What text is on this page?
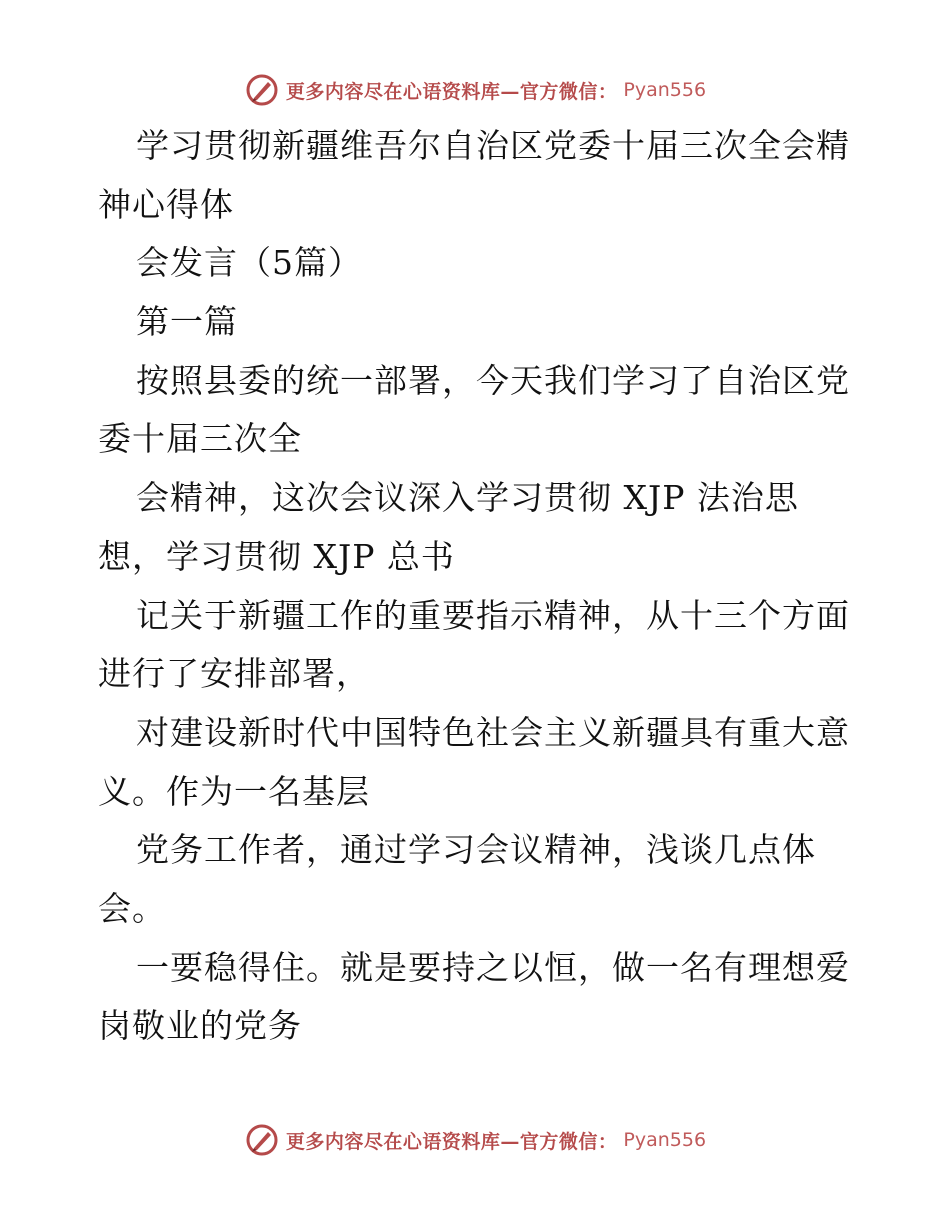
更多内容尽在心语资料库—官方微信： Pyan556
学习贯彻新疆维吾尔自治区党委十届三次全会精
神心得体
会发言（5篇）
第一篇
按照县委的统一部署，今天我们学习了自治区党
委十届三次全
会精神，这次会议深入学习贯彻 XJP 法治思
想，学习贯彻 XJP 总书
记关于新疆工作的重要指示精神，从十三个方面
进行了安排部署，
对建设新时代中国特色社会主义新疆具有重大意
义。作为一名基层
党务工作者，通过学习会议精神，浅谈几点体
会。
一要稳得住。就是要持之以恒，做一名有理想爱
岗敬业的党务
更多内容尽在心语资料库—官方微信： Pyan556
